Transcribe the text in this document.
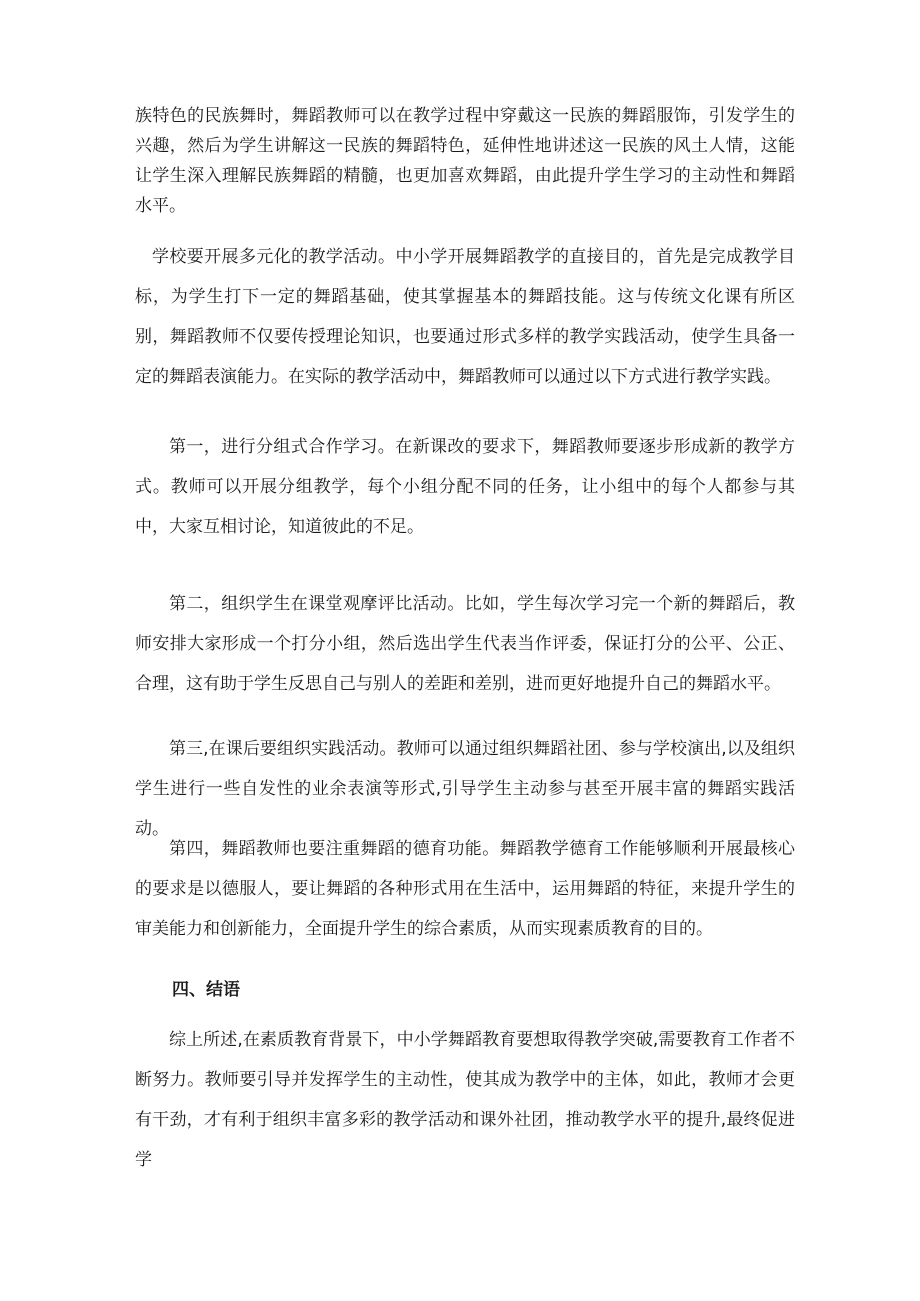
族特色的民族舞时，舞蹈教师可以在教学过程中穿戴这一民族的舞蹈服饰，引发学生的兴趣，然后为学生讲解这一民族的舞蹈特色，延伸性地讲述这一民族的风土人情，这能让学生深入理解民族舞蹈的精髓，也更加喜欢舞蹈，由此提升学生学习的主动性和舞蹈水平。

学校要开展多元化的教学活动。中小学开展舞蹈教学的直接目的，首先是完成教学目标，为学生打下一定的舞蹈基础，使其掌握基本的舞蹈技能。这与传统文化课有所区别，舞蹈教师不仅要传授理论知识，也要通过形式多样的教学实践活动，使学生具备一定的舞蹈表演能力。在实际的教学活动中，舞蹈教师可以通过以下方式进行教学实践。

第一，进行分组式合作学习。在新课改的要求下，舞蹈教师要逐步形成新的教学方式。教师可以开展分组教学，每个小组分配不同的任务，让小组中的每个人都参与其中，大家互相讨论，知道彼此的不足。

第二，组织学生在课堂观摩评比活动。比如，学生每次学习完一个新的舞蹈后，教师安排大家形成一个打分小组，然后选出学生代表当作评委，保证打分的公平、公正、合理，这有助于学生反思自己与别人的差距和差别，进而更好地提升自己的舞蹈水平。

第三,在课后要组织实践活动。教师可以通过组织舞蹈社团、参与学校演出,以及组织学生进行一些自发性的业余表演等形式,引导学生主动参与甚至开展丰富的舞蹈实践活动。

第四，舞蹈教师也要注重舞蹈的德育功能。舞蹈教学德育工作能够顺利开展最核心的要求是以德服人，要让舞蹈的各种形式用在生活中，运用舞蹈的特征，来提升学生的审美能力和创新能力，全面提升学生的综合素质，从而实现素质教育的目的。

四、结语

综上所述,在素质教育背景下，中小学舞蹈教育要想取得教学突破,需要教育工作者不断努力。教师要引导并发挥学生的主动性，使其成为教学中的主体，如此，教师才会更有干劲，才有利于组织丰富多彩的教学活动和课外社团，推动教学水平的提升,最终促进学
